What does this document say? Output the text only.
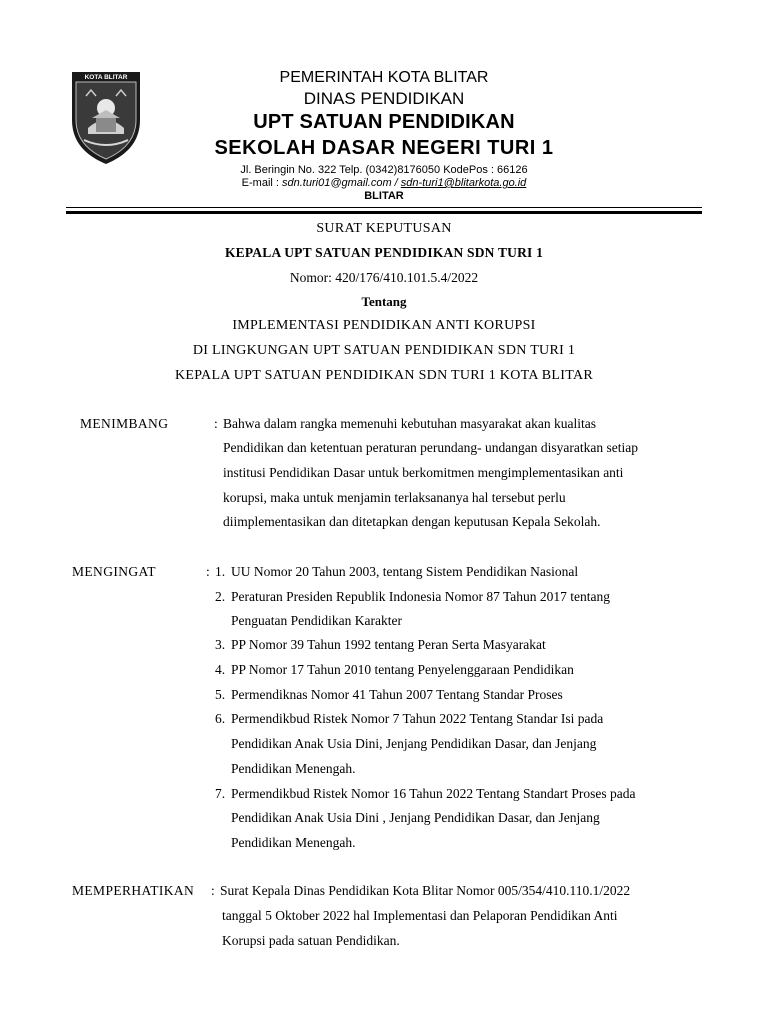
KOTA BLITAR	PEMERINTAH KOTA BLITAR
DINAS PENDIDIKAN
UPT SATUAN PENDIDIKAN
SEKOLAH DASAR NEGERI TURI 1
Jl. Beringin No. 322 Telp. (0342)8176050 KodePos : 66126
E-mail : sdn.turi01@gmail.com / sdn-turi1@blitarkota.go.id
BLITAR
SURAT KEPUTUSAN
KEPALA UPT SATUAN PENDIDIKAN SDN TURI 1
Nomor: 420/176/410.101.5.4/2022
Tentang
IMPLEMENTASI PENDIDIKAN ANTI KORUPSI
DI LINGKUNGAN UPT SATUAN PENDIDIKAN SDN TURI 1
KEPALA UPT SATUAN PENDIDIKAN SDN TURI 1 KOTA BLITAR
MENIMBANG	: Bahwa dalam rangka memenuhi kebutuhan masyarakat akan kualitas
Pendidikan dan ketentuan peraturan perundang- undangan disyaratkan setiap
institusi Pendidikan Dasar untuk berkomitmen mengimplementasikan anti
korupsi, maka untuk menjamin terlaksananya hal tersebut perlu
diimplementasikan dan ditetapkan dengan keputusan Kepala Sekolah.
MENGINGAT	: 1. UU Nomor 20 Tahun 2003, tentang Sistem Pendidikan Nasional
2. Peraturan Presiden Republik Indonesia Nomor 87 Tahun 2017 tentang
Penguatan Pendidikan Karakter
3. PP Nomor 39 Tahun 1992 tentang Peran Serta Masyarakat
4. PP Nomor 17 Tahun 2010 tentang Penyelenggaraan Pendidikan
5. Permendiknas Nomor 41 Tahun 2007 Tentang Standar Proses
6. Permendikbud Ristek Nomor 7 Tahun 2022 Tentang Standar Isi pada
Pendidikan Anak Usia Dini, Jenjang Pendidikan Dasar, dan Jenjang
Pendidikan Menengah.
7. Permendikbud Ristek Nomor 16 Tahun 2022 Tentang Standart Proses pada
Pendidikan Anak Usia Dini , Jenjang Pendidikan Dasar, dan Jenjang
Pendidikan Menengah.
MEMPERHATIKAN : Surat Kepala Dinas Pendidikan Kota Blitar Nomor 005/354/410.110.1/2022
tanggal 5 Oktober 2022 hal Implementasi dan Pelaporan Pendidikan Anti
Korupsi pada satuan Pendidikan.
